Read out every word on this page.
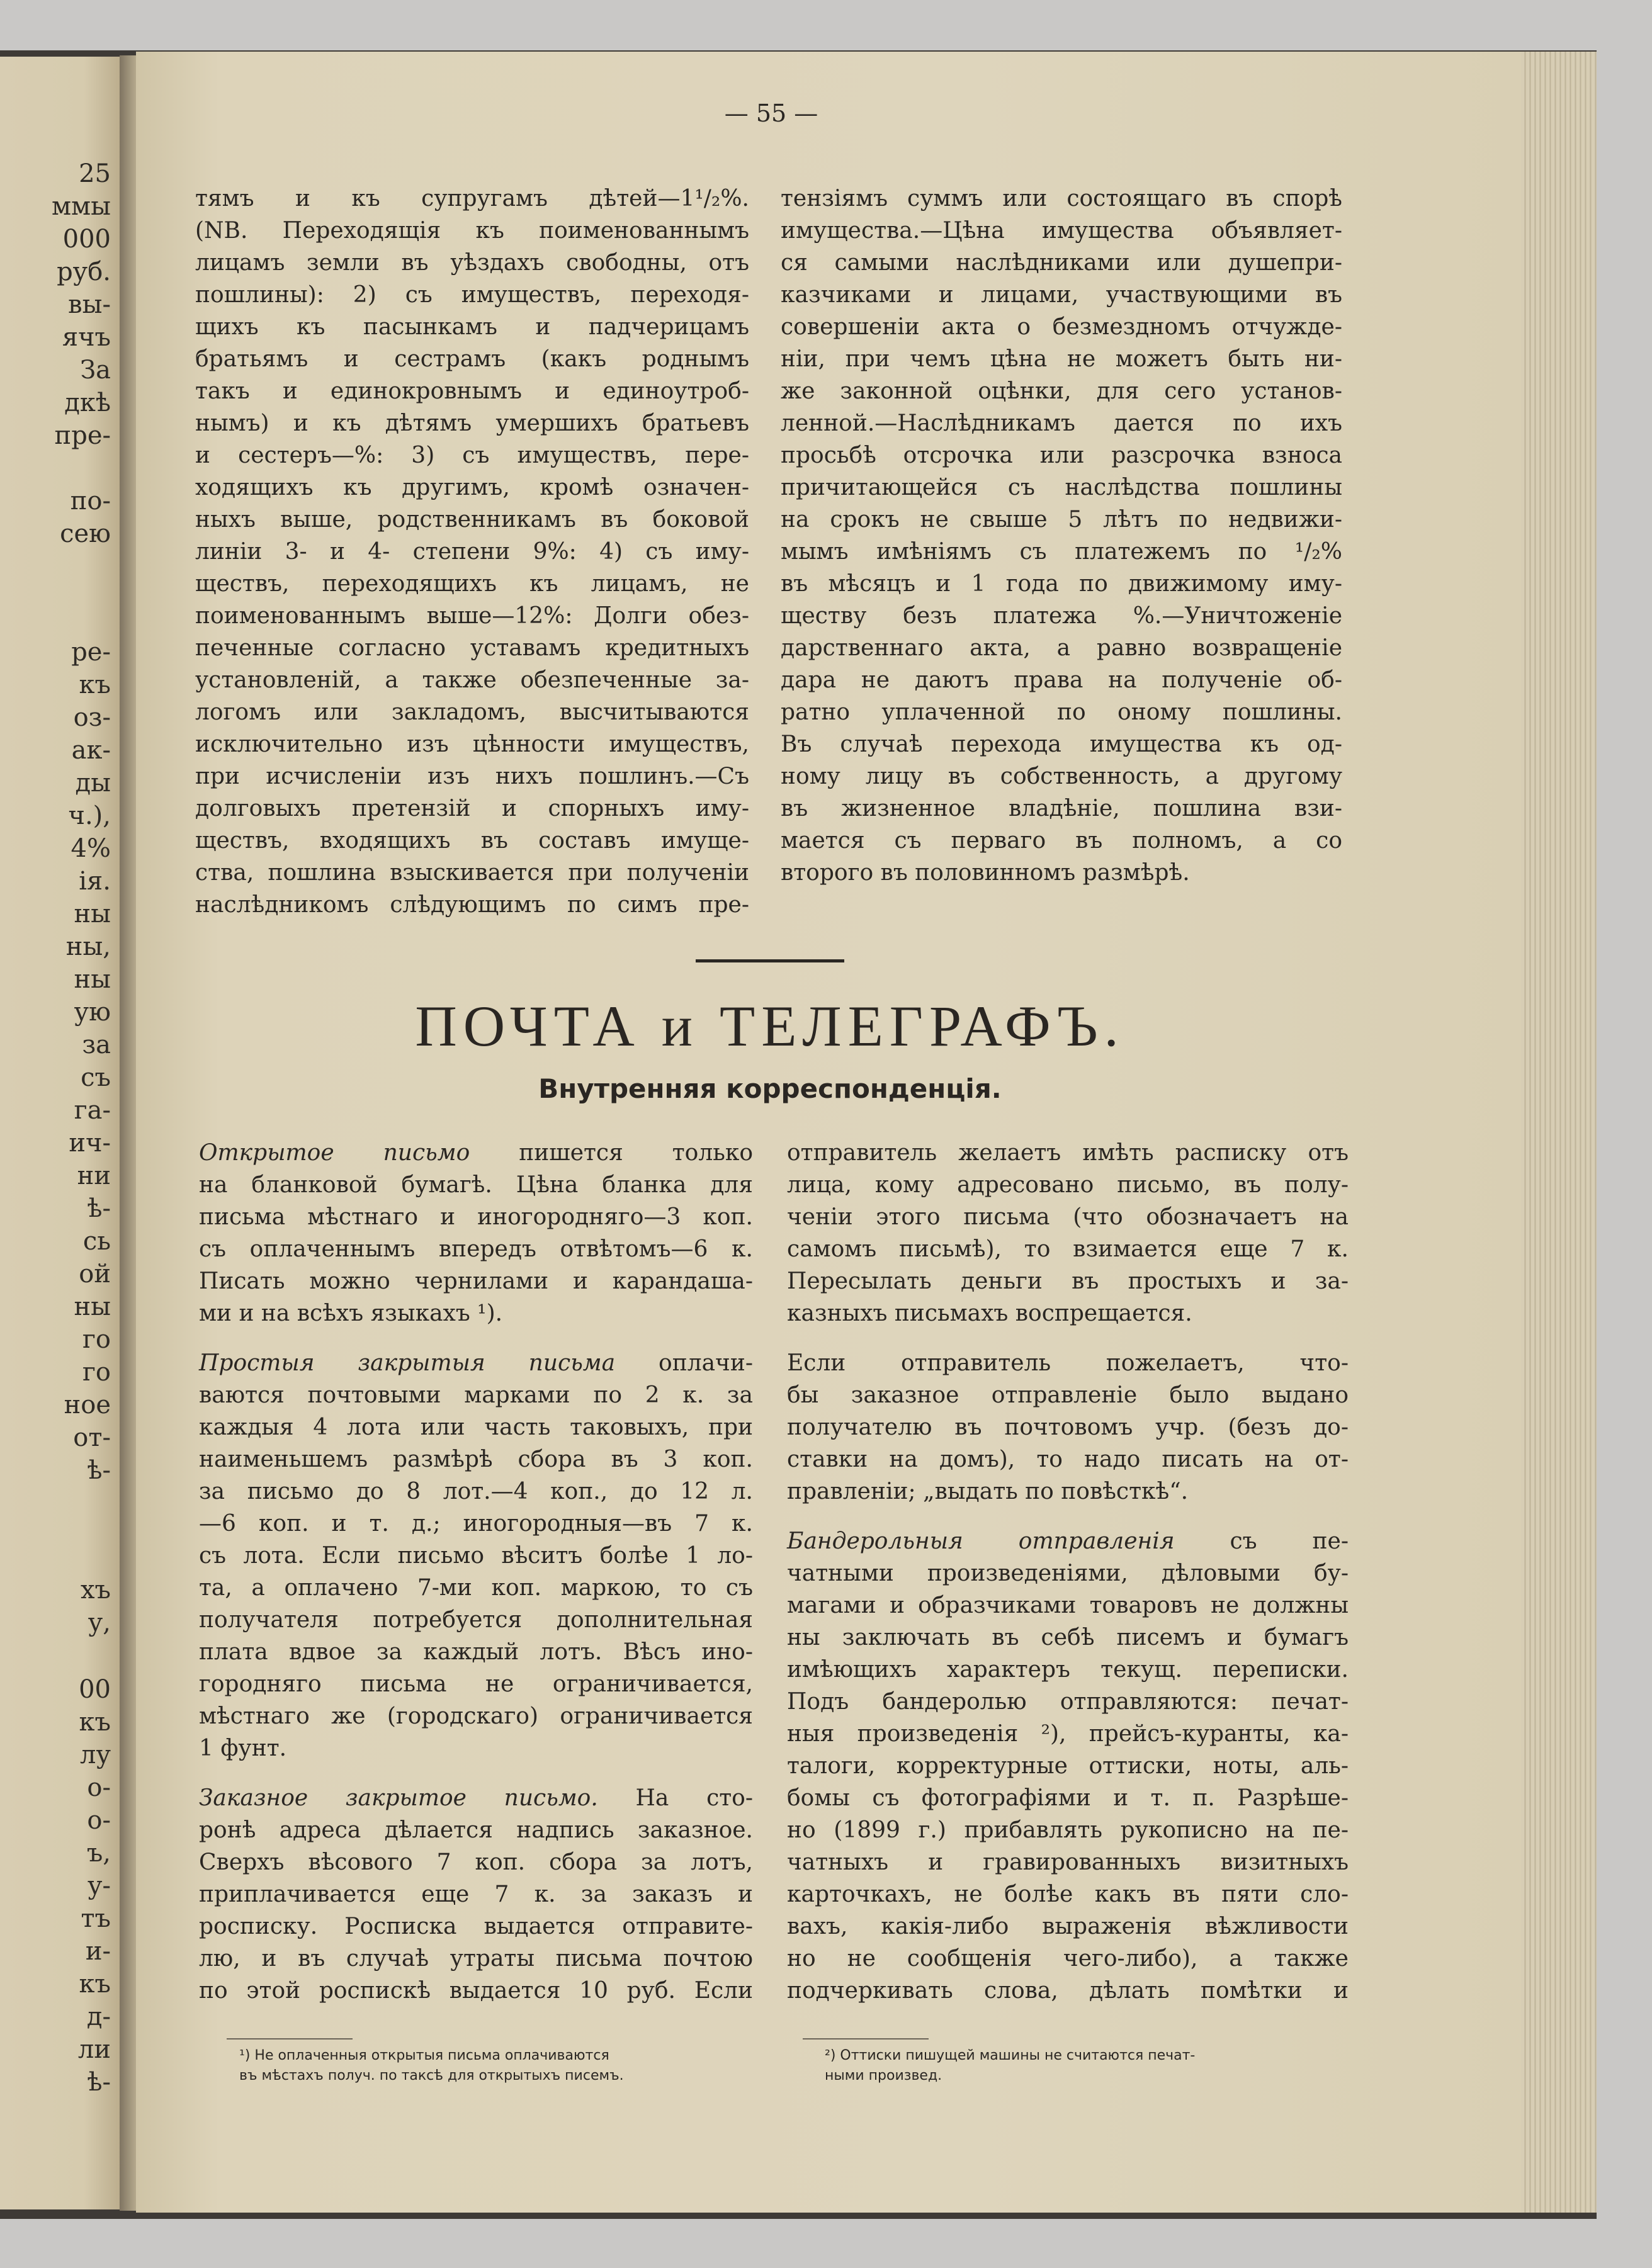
25
ммы
000
руб.
вы-
ячъ
За
дкѣ
пре-
по-
сею
ре-
къ
оз-
ак-
ды
ч.),
4%
ія.
ны
ны,
ны
ую
за
съ
га-
ич-
ни
ѣ-
сь
ой
ны
го
го
ное
от-
ѣ-
хъ
у,
00
къ
лу
о-
о-
ъ,
у-
тъ
и-
къ
д-
ли
ѣ-
— 55 —

тямъ и къ супругамъ дѣтей—1¹/₂%.

(NB. Переходящія къ поименованнымъ

лицамъ земли въ уѣздахъ свободны, отъ

пошлины): 2) съ имуществъ, переходя-

щихъ къ пасынкамъ и падчерицамъ

братьямъ и сестрамъ (какъ роднымъ

такъ и единокровнымъ и единоутроб-

нымъ) и къ дѣтямъ умершихъ братьевъ

и сестеръ—%: 3) съ имуществъ, пере-

ходящихъ къ другимъ, кромѣ означен-

ныхъ выше, родственникамъ въ боковой

линіи 3- и 4- степени 9%: 4) съ иму-

ществъ, переходящихъ къ лицамъ, не

поименованнымъ выше—12%: Долги обез-

печенные согласно уставамъ кредитныхъ

установленій, а также обезпеченные за-

логомъ или закладомъ, высчитываются

исключительно изъ цѣнности имуществъ,

при исчисленіи изъ нихъ пошлинъ.—Съ

долговыхъ претензій и спорныхъ иму-

ществъ, входящихъ въ составъ имуще-

ства, пошлина взыскивается при полученіи

наслѣдникомъ слѣдующимъ по симъ пре-

тензіямъ суммъ или состоящаго въ спорѣ

имущества.—Цѣна имущества объявляет-

ся самыми наслѣдниками или душепри-

казчиками и лицами, участвующими въ

совершеніи акта о безмездномъ отчужде-

ніи, при чемъ цѣна не можетъ быть ни-

же законной оцѣнки, для сего установ-

ленной.—Наслѣдникамъ дается по ихъ

просьбѣ отсрочка или разсрочка взноса

причитающейся съ наслѣдства пошлины

на срокъ не свыше 5 лѣтъ по недвижи-

мымъ имѣніямъ съ платежемъ по ¹/₂%

въ мѣсяцъ и 1 года по движимому иму-

ществу безъ платежа %.—Уничтоженіе

дарственнаго акта, а равно возвращеніе

дара не даютъ права на полученіе об-

ратно уплаченной по оному пошлины.

Въ случаѣ перехода имущества къ од-

ному лицу въ собственность, а другому

въ жизненное владѣніе, пошлина взи-

мается съ перваго въ полномъ, а со

второго въ половинномъ размѣрѣ.

ПОЧТА и ТЕЛЕГРАФЪ.
Внутренняя корреспонденція.

Открытое письмо пишется только

на бланковой бумагѣ. Цѣна бланка для

письма мѣстнаго и иногородняго—3 коп.

съ оплаченнымъ впередъ отвѣтомъ—6 к.

Писать можно чернилами и карандаша-

ми и на всѣхъ языкахъ ¹).

Простыя закрытыя письма оплачи-

ваются почтовыми марками по 2 к. за

каждыя 4 лота или часть таковыхъ, при

наименьшемъ размѣрѣ сбора въ 3 коп.

за письмо до 8 лот.—4 коп., до 12 л.

—6 коп. и т. д.; иногородныя—въ 7 к.

съ лота. Если письмо вѣситъ болѣе 1 ло-

та, а оплачено 7-ми коп. маркою, то съ

получателя потребуется дополнительная

плата вдвое за каждый лотъ. Вѣсъ ино-

городняго письма не ограничивается,

мѣстнаго же (городскаго) ограничивается

1 фунт.

Заказное закрытое письмо. На сто-

ронѣ адреса дѣлается надпись заказное.

Сверхъ вѣсового 7 коп. сбора за лотъ,

приплачивается еще 7 к. за заказъ и

росписку. Росписка выдается отправите-

лю, и въ случаѣ утраты письма почтою

по этой роспискѣ выдается 10 руб. Если

отправитель желаетъ имѣть расписку отъ

лица, кому адресовано письмо, въ полу-

ченіи этого письма (что обозначаетъ на

самомъ письмѣ), то взимается еще 7 к.

Пересылать деньги въ простыхъ и за-

казныхъ письмахъ воспрещается.

Если отправитель пожелаетъ, что-

бы заказное отправленіе было выдано

получателю въ почтовомъ учр. (безъ до-

ставки на домъ), то надо писать на от-

правленіи; „выдать по повѣсткѣ“.

Бандерольныя отправленія съ пе-

чатными произведеніями, дѣловыми бу-

магами и образчиками товаровъ не должны

ны заключать въ себѣ писемъ и бумагъ

имѣющихъ характеръ текущ. переписки.

Подъ бандеролью отправляются: печат-

ныя произведенія ²), прейсъ-куранты, ка-

талоги, корректурные оттиски, ноты, аль-

бомы съ фотографіями и т. п. Разрѣше-

но (1899 г.) прибавлять рукописно на пе-

чатныхъ и гравированныхъ визитныхъ

карточкахъ, не болѣе какъ въ пяти сло-

вахъ, какія-либо выраженія вѣжливости

но не сообщенія чего-либо), а также

подчеркивать слова, дѣлать помѣтки и

¹) Не оплаченныя открытыя письма оплачиваются

въ мѣстахъ получ. по таксѣ для открытыхъ писемъ.

²) Оттиски пишущей машины не считаются печат-

ными произвед.
